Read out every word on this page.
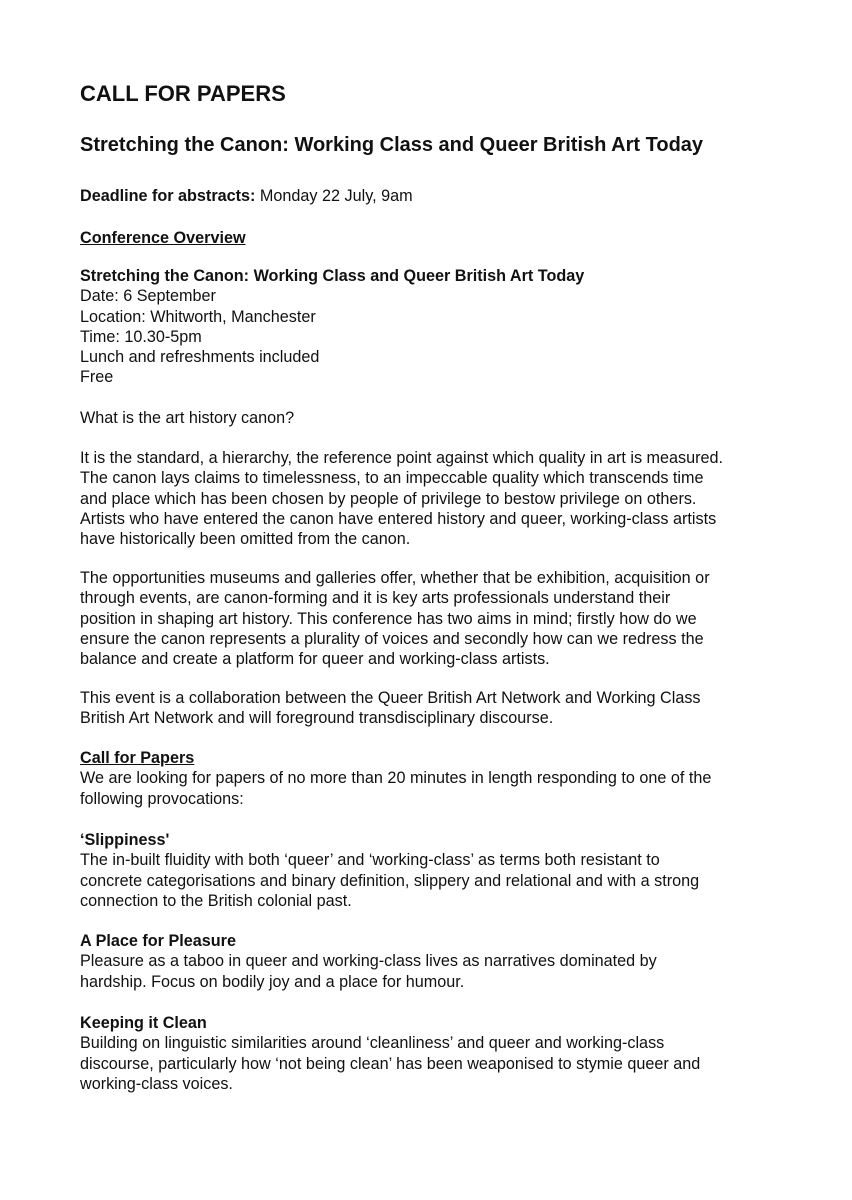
CALL FOR PAPERS
Stretching the Canon: Working Class and Queer British Art Today
Deadline for abstracts: Monday 22 July, 9am
Conference Overview
Stretching the Canon: Working Class and Queer British Art Today
Date: 6 September
Location: Whitworth, Manchester
Time: 10.30-5pm
Lunch and refreshments included
Free
What is the art history canon?
It is the standard, a hierarchy, the reference point against which quality in art is measured.
The canon lays claims to timelessness, to an impeccable quality which transcends time
and place which has been chosen by people of privilege to bestow privilege on others.
Artists who have entered the canon have entered history and queer, working-class artists
have historically been omitted from the canon.
The opportunities museums and galleries offer, whether that be exhibition, acquisition or
through events, are canon-forming and it is key arts professionals understand their
position in shaping art history. This conference has two aims in mind; firstly how do we
ensure the canon represents a plurality of voices and secondly how can we redress the
balance and create a platform for queer and working-class artists.
This event is a collaboration between the Queer British Art Network and Working Class
British Art Network and will foreground transdisciplinary discourse.
Call for Papers
We are looking for papers of no more than 20 minutes in length responding to one of the
following provocations:
‘Slippiness'
The in-built fluidity with both ‘queer’ and ‘working-class’ as terms both resistant to
concrete categorisations and binary definition, slippery and relational and with a strong
connection to the British colonial past.
A Place for Pleasure
Pleasure as a taboo in queer and working-class lives as narratives dominated by
hardship. Focus on bodily joy and a place for humour.
Keeping it Clean
Building on linguistic similarities around ‘cleanliness’ and queer and working-class
discourse, particularly how ‘not being clean’ has been weaponised to stymie queer and
working-class voices.
